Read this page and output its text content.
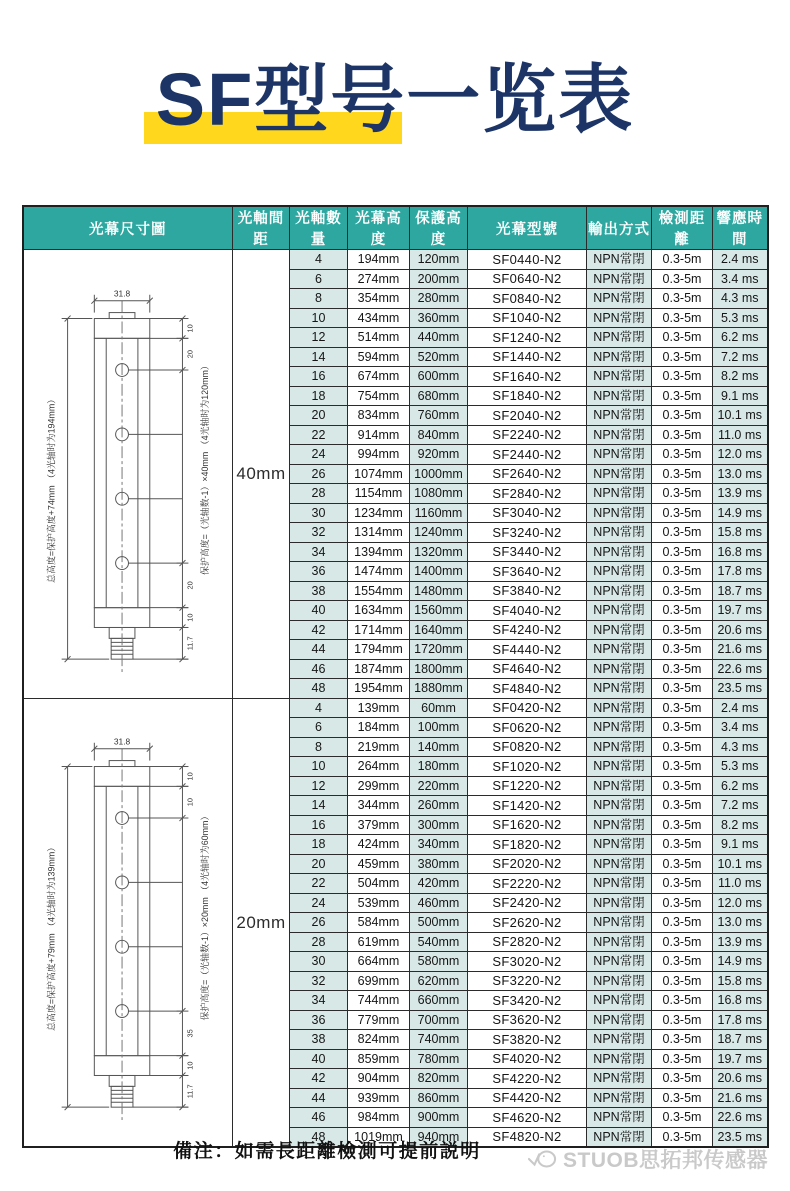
SF型号一览表
光幕尺寸圖	光軸間距	光軸數量	光幕高度	保護高度	光幕型號	輸出方式	檢測距離	響應時間

31.8
总高度=保护高度+74mm （4光轴时为194mm）
10
20
20
10
11.7
保护高度=（光轴数-1）×40mm （4光轴时为120mm）	40mm	4	194mm	120mm	SF0440-N2	NPN常閉	0.3-5m	2.4 ms
		6	274mm	200mm	SF0640-N2	NPN常閉	0.3-5m	3.4 ms
		8	354mm	280mm	SF0840-N2	NPN常閉	0.3-5m	4.3 ms
		10	434mm	360mm	SF1040-N2	NPN常閉	0.3-5m	5.3 ms
		12	514mm	440mm	SF1240-N2	NPN常閉	0.3-5m	6.2 ms
		14	594mm	520mm	SF1440-N2	NPN常閉	0.3-5m	7.2 ms
		16	674mm	600mm	SF1640-N2	NPN常閉	0.3-5m	8.2 ms
		18	754mm	680mm	SF1840-N2	NPN常閉	0.3-5m	9.1 ms
		20	834mm	760mm	SF2040-N2	NPN常閉	0.3-5m	10.1 ms
		22	914mm	840mm	SF2240-N2	NPN常閉	0.3-5m	11.0 ms
		24	994mm	920mm	SF2440-N2	NPN常閉	0.3-5m	12.0 ms
		26	1074mm	1000mm	SF2640-N2	NPN常閉	0.3-5m	13.0 ms
		28	1154mm	1080mm	SF2840-N2	NPN常閉	0.3-5m	13.9 ms
		30	1234mm	1160mm	SF3040-N2	NPN常閉	0.3-5m	14.9 ms
		32	1314mm	1240mm	SF3240-N2	NPN常閉	0.3-5m	15.8 ms
		34	1394mm	1320mm	SF3440-N2	NPN常閉	0.3-5m	16.8 ms
		36	1474mm	1400mm	SF3640-N2	NPN常閉	0.3-5m	17.8 ms
		38	1554mm	1480mm	SF3840-N2	NPN常閉	0.3-5m	18.7 ms
		40	1634mm	1560mm	SF4040-N2	NPN常閉	0.3-5m	19.7 ms
		42	1714mm	1640mm	SF4240-N2	NPN常閉	0.3-5m	20.6 ms
		44	1794mm	1720mm	SF4440-N2	NPN常閉	0.3-5m	21.6 ms
		46	1874mm	1800mm	SF4640-N2	NPN常閉	0.3-5m	22.6 ms
		48	1954mm	1880mm	SF4840-N2	NPN常閉	0.3-5m	23.5 ms

31.8
总高度=保护高度+79mm （4光轴时为139mm）
10
10
35
10
11.7
保护高度=（光轴数-1）×20mm （4光轴时为60mm）	20mm	4	139mm	60mm	SF0420-N2	NPN常閉	0.3-5m	2.4 ms
		6	184mm	100mm	SF0620-N2	NPN常閉	0.3-5m	3.4 ms
		8	219mm	140mm	SF0820-N2	NPN常閉	0.3-5m	4.3 ms
		10	264mm	180mm	SF1020-N2	NPN常閉	0.3-5m	5.3 ms
		12	299mm	220mm	SF1220-N2	NPN常閉	0.3-5m	6.2 ms
		14	344mm	260mm	SF1420-N2	NPN常閉	0.3-5m	7.2 ms
		16	379mm	300mm	SF1620-N2	NPN常閉	0.3-5m	8.2 ms
		18	424mm	340mm	SF1820-N2	NPN常閉	0.3-5m	9.1 ms
		20	459mm	380mm	SF2020-N2	NPN常閉	0.3-5m	10.1 ms
		22	504mm	420mm	SF2220-N2	NPN常閉	0.3-5m	11.0 ms
		24	539mm	460mm	SF2420-N2	NPN常閉	0.3-5m	12.0 ms
		26	584mm	500mm	SF2620-N2	NPN常閉	0.3-5m	13.0 ms
		28	619mm	540mm	SF2820-N2	NPN常閉	0.3-5m	13.9 ms
		30	664mm	580mm	SF3020-N2	NPN常閉	0.3-5m	14.9 ms
		32	699mm	620mm	SF3220-N2	NPN常閉	0.3-5m	15.8 ms
		34	744mm	660mm	SF3420-N2	NPN常閉	0.3-5m	16.8 ms
		36	779mm	700mm	SF3620-N2	NPN常閉	0.3-5m	17.8 ms
		38	824mm	740mm	SF3820-N2	NPN常閉	0.3-5m	18.7 ms
		40	859mm	780mm	SF4020-N2	NPN常閉	0.3-5m	19.7 ms
		42	904mm	820mm	SF4220-N2	NPN常閉	0.3-5m	20.6 ms
		44	939mm	860mm	SF4420-N2	NPN常閉	0.3-5m	21.6 ms
		46	984mm	900mm	SF4620-N2	NPN常閉	0.3-5m	22.6 ms
		48	1019mm	940mm	SF4820-N2	NPN常閉	0.3-5m	23.5 ms
備注：如需長距離檢測可提前説明	STUOB思拓邦传感器
